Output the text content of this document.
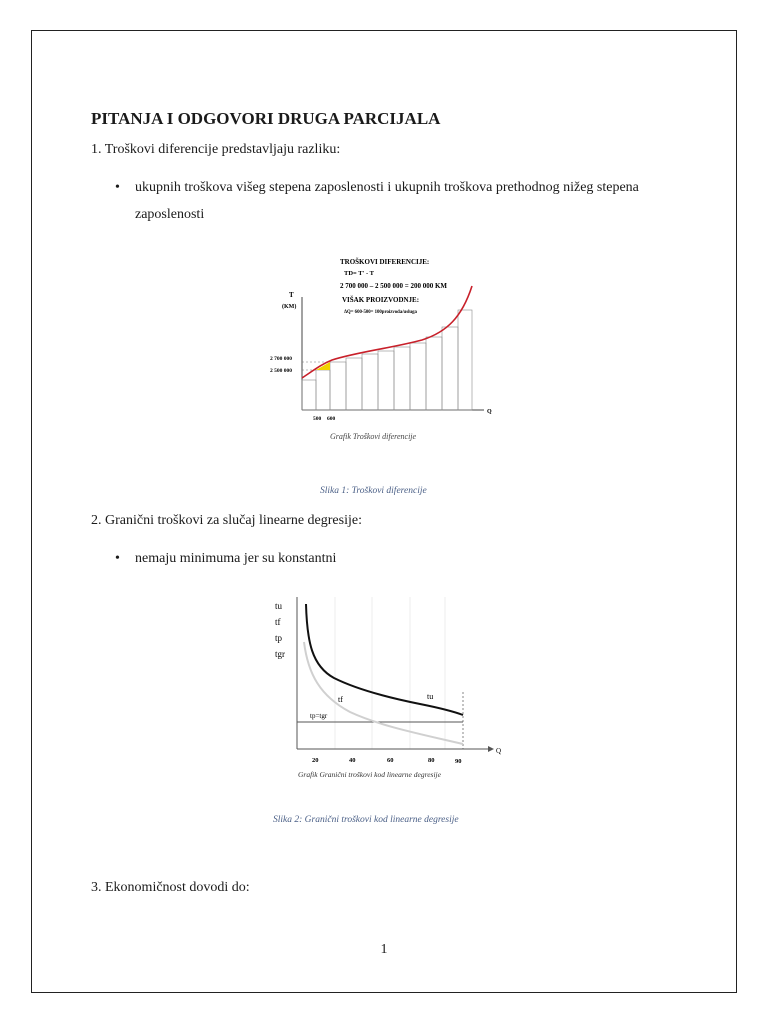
PITANJA I ODGOVORI DRUGA PARCIJALA
1. Troškovi diferencije predstavljaju razliku:
•	ukupnih troškova višeg stepena zaposlenosti i ukupnih troškova prethodnog nižeg stepena
zaposlenosti
TROŠKOVI DIFERENCIJE:
TD= T' - T
2 700 000 – 2 500 000 = 200 000 KM
VIŠAK PROIZVODNJE:
ΔQ= 600-500= 100proizvoda/usluga
T
(KM)
2 700 000
2 500 000
Q
500 600
Grafik Troškovi diferencije
Slika 1: Troškovi diferencije
2. Granični troškovi za slučaj linearne degresije:
•	nemaju minimuma jer su konstantni
tu
tf
tp
tgr
Q
tp=tgr
tf	tu
20	40	60	80	90
Grafik Granični troškovi kod linearne degresije
Slika 2: Granični troškovi kod linearne degresije
3. Ekonomičnost dovodi do:
1
